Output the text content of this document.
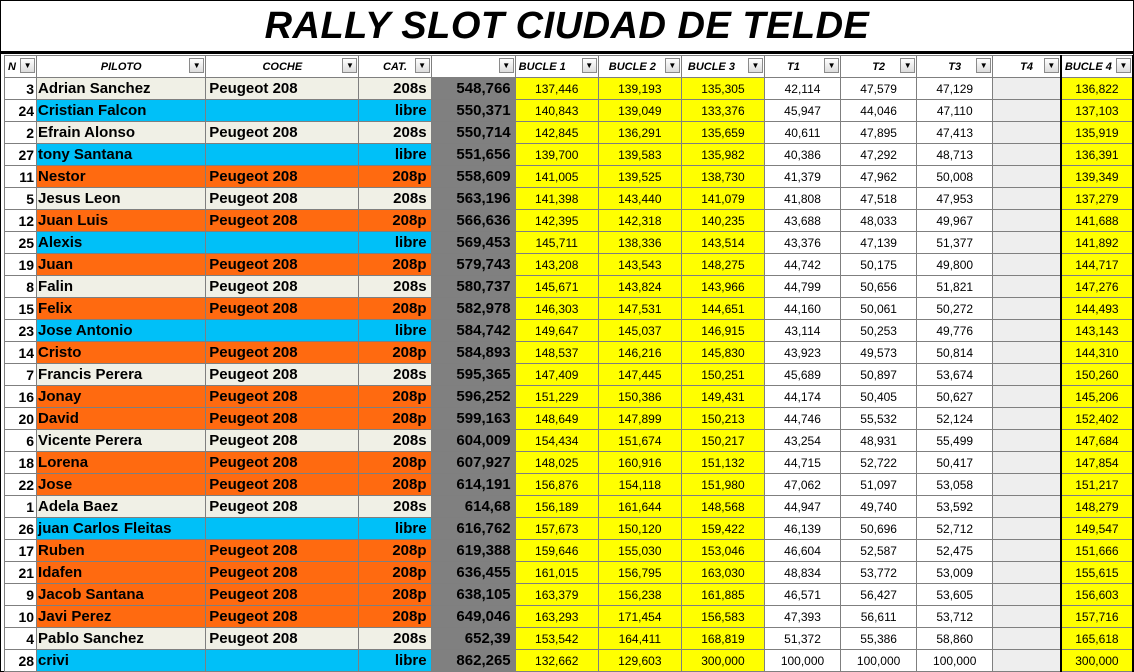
RALLY SLOT CIUDAD DE TELDE
N ▼	PILOTO ▼	COCHE ▼	CAT. ▼	▼	BUCLE 1 ▼	BUCLE 2 ▼	BUCLE 3 ▼	T1 ▼	T2 ▼	T3 ▼	T4 ▼	BUCLE 4 ▼

3	Adrian Sanchez	Peugeot 208	208s	548,766	137,446	139,193	135,305	42,114	47,579	47,129		136,822
24	Cristian Falcon		libre	550,371	140,843	139,049	133,376	45,947	44,046	47,110		137,103
2	Efrain Alonso	Peugeot 208	208s	550,714	142,845	136,291	135,659	40,611	47,895	47,413		135,919
27	tony Santana		libre	551,656	139,700	139,583	135,982	40,386	47,292	48,713		136,391
11	Nestor	Peugeot 208	208p	558,609	141,005	139,525	138,730	41,379	47,962	50,008		139,349
5	Jesus Leon	Peugeot 208	208s	563,196	141,398	143,440	141,079	41,808	47,518	47,953		137,279
12	Juan Luis	Peugeot 208	208p	566,636	142,395	142,318	140,235	43,688	48,033	49,967		141,688
25	Alexis		libre	569,453	145,711	138,336	143,514	43,376	47,139	51,377		141,892
19	Juan	Peugeot 208	208p	579,743	143,208	143,543	148,275	44,742	50,175	49,800		144,717
8	Falin	Peugeot 208	208s	580,737	145,671	143,824	143,966	44,799	50,656	51,821		147,276
15	Felix	Peugeot 208	208p	582,978	146,303	147,531	144,651	44,160	50,061	50,272		144,493
23	Jose Antonio		libre	584,742	149,647	145,037	146,915	43,114	50,253	49,776		143,143
14	Cristo	Peugeot 208	208p	584,893	148,537	146,216	145,830	43,923	49,573	50,814		144,310
7	Francis Perera	Peugeot 208	208s	595,365	147,409	147,445	150,251	45,689	50,897	53,674		150,260
16	Jonay	Peugeot 208	208p	596,252	151,229	150,386	149,431	44,174	50,405	50,627		145,206
20	David	Peugeot 208	208p	599,163	148,649	147,899	150,213	44,746	55,532	52,124		152,402
6	Vicente Perera	Peugeot 208	208s	604,009	154,434	151,674	150,217	43,254	48,931	55,499		147,684
18	Lorena	Peugeot 208	208p	607,927	148,025	160,916	151,132	44,715	52,722	50,417		147,854
22	Jose	Peugeot 208	208p	614,191	156,876	154,118	151,980	47,062	51,097	53,058		151,217
1	Adela Baez	Peugeot 208	208s	614,68	156,189	161,644	148,568	44,947	49,740	53,592		148,279
26	juan Carlos Fleitas		libre	616,762	157,673	150,120	159,422	46,139	50,696	52,712		149,547
17	Ruben	Peugeot 208	208p	619,388	159,646	155,030	153,046	46,604	52,587	52,475		151,666
21	Idafen	Peugeot 208	208p	636,455	161,015	156,795	163,030	48,834	53,772	53,009		155,615
9	Jacob Santana	Peugeot 208	208p	638,105	163,379	156,238	161,885	46,571	56,427	53,605		156,603
10	Javi Perez	Peugeot 208	208p	649,046	163,293	171,454	156,583	47,393	56,611	53,712		157,716
4	Pablo Sanchez	Peugeot 208	208s	652,39	153,542	164,411	168,819	51,372	55,386	58,860		165,618
28	crivi		libre	862,265	132,662	129,603	300,000	100,000	100,000	100,000		300,000
